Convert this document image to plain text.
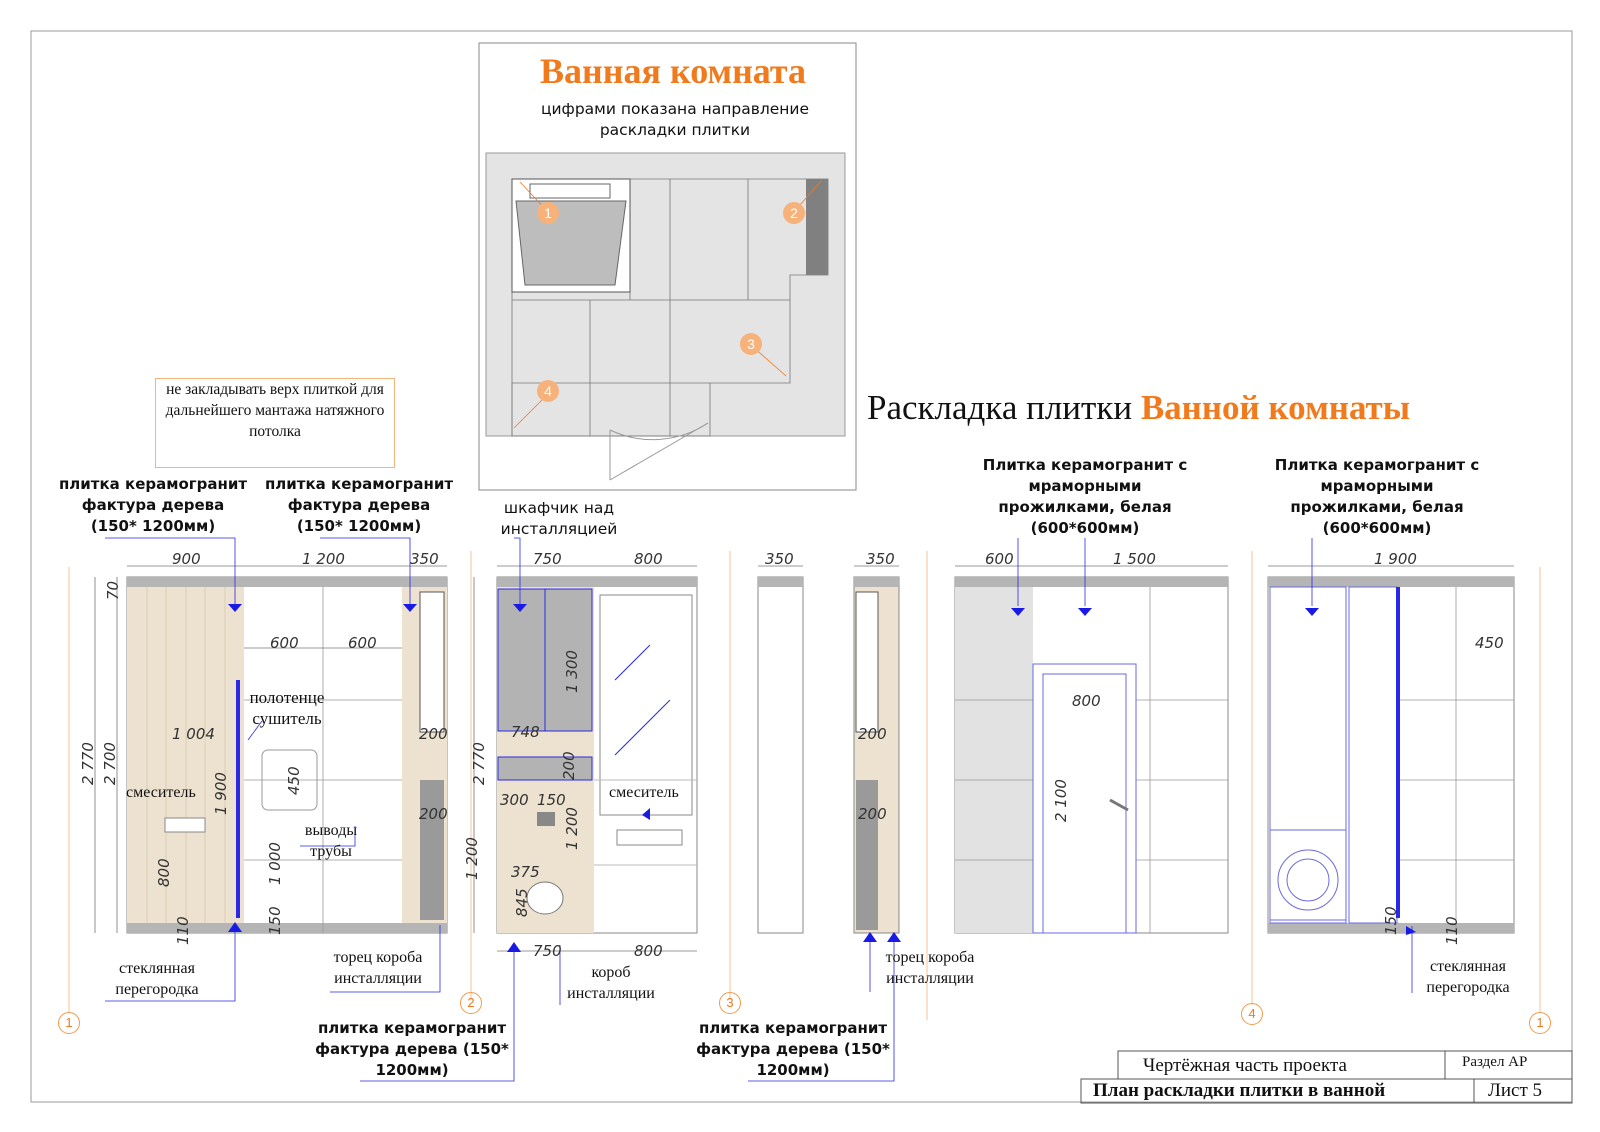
Ванная комната
цифрами показана направление раскладки плитки
1	2
3
4	Раскладка плитки Ванной комнаты
не закладывать верх плиткой для дальнейшего мантажа натяжного потолка
плитка керамогранит фактура дерева (150* 1200мм)
плитка керамогранит фактура дерева (150* 1200мм)
шкафчик над инсталляцией
Плитка керамогранит с мраморными прожилками, белая (600*600мм)
Плитка керамогранит с мраморными прожилками, белая (600*600мм)
полотенце сушитель
смеситель	смеситель
выводы трубы
стеклянная перегородка
стеклянная перегородка
торец короба инсталляции
торец короба инсталляции
короб инсталляции
плитка керамогранит фактура дерева (150* 1200мм)
плитка керамогранит фактура дерева (150* 1200мм)
1
2	3
4
1
900	1 200	350
600	600
70
2 770 2 700
1 900
800
110
1 004
450
1 000
150
200
200
750	800
2 770
1 200
1 300
200
1 200
845
748
300 150
375
750	800
350	350
200
200
600	1 500
800
2 100
1 900
450
150	110
Чертёжная часть проекта	Раздел АР
План раскладки плитки в ванной	Лист 5
